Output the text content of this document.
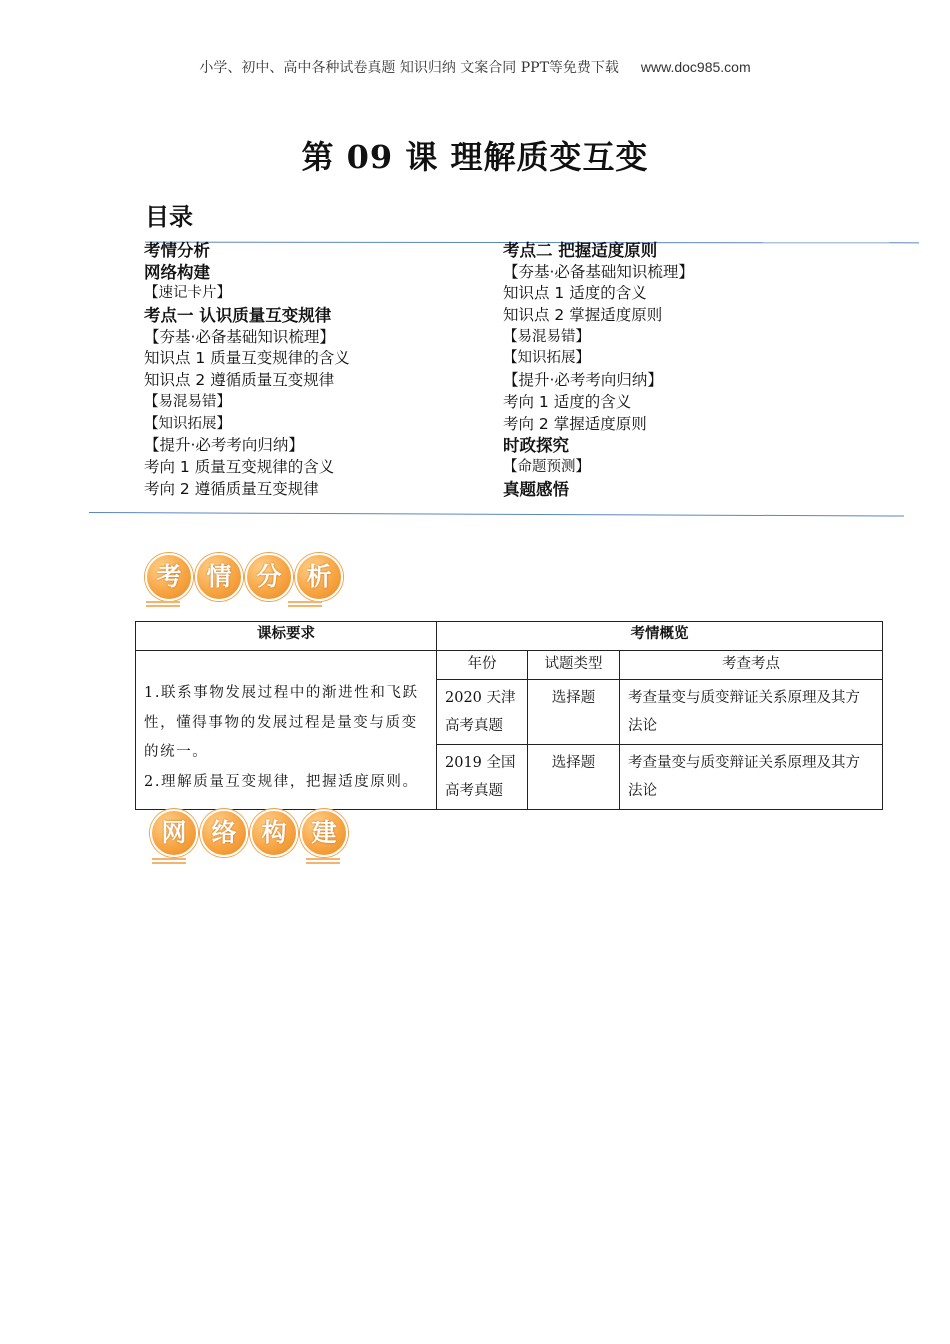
小学、初中、高中各种试卷真题 知识归纳 文案合同 PPT等免费下载 www.doc985.com
第 09 课 理解质变互变
目录
考情分析
网络构建
【速记卡片】
考点一 认识质量互变规律
【夯基·必备基础知识梳理】
知识点 1 质量互变规律的含义
知识点 2 遵循质量互变规律
【易混易错】
【知识拓展】
【提升·必考考向归纳】
考向 1 质量互变规律的含义
考向 2 遵循质量互变规律
考点二 把握适度原则
【夯基·必备基础知识梳理】
知识点 1 适度的含义
知识点 2 掌握适度原则
【易混易错】
【知识拓展】
【提升·必考考向归纳】
考向 1 适度的含义
考向 2 掌握适度原则
时政探究
【命题预测】
真题感悟
考 情 分 析
课标要求	考情概览		

1.联系事物发展过程中的渐进性和飞跃性，懂得事物的发展过程是量变与质变的统一。
2.理解质量互变规律，把握适度原则。	年份	试题类型	考查考点
	2020 天津高考真题	选择题	考查量变与质变辩证关系原理及其方法论
	2019 全国高考真题	选择题	考查量变与质变辩证关系原理及其方法论
网 络 构 建
